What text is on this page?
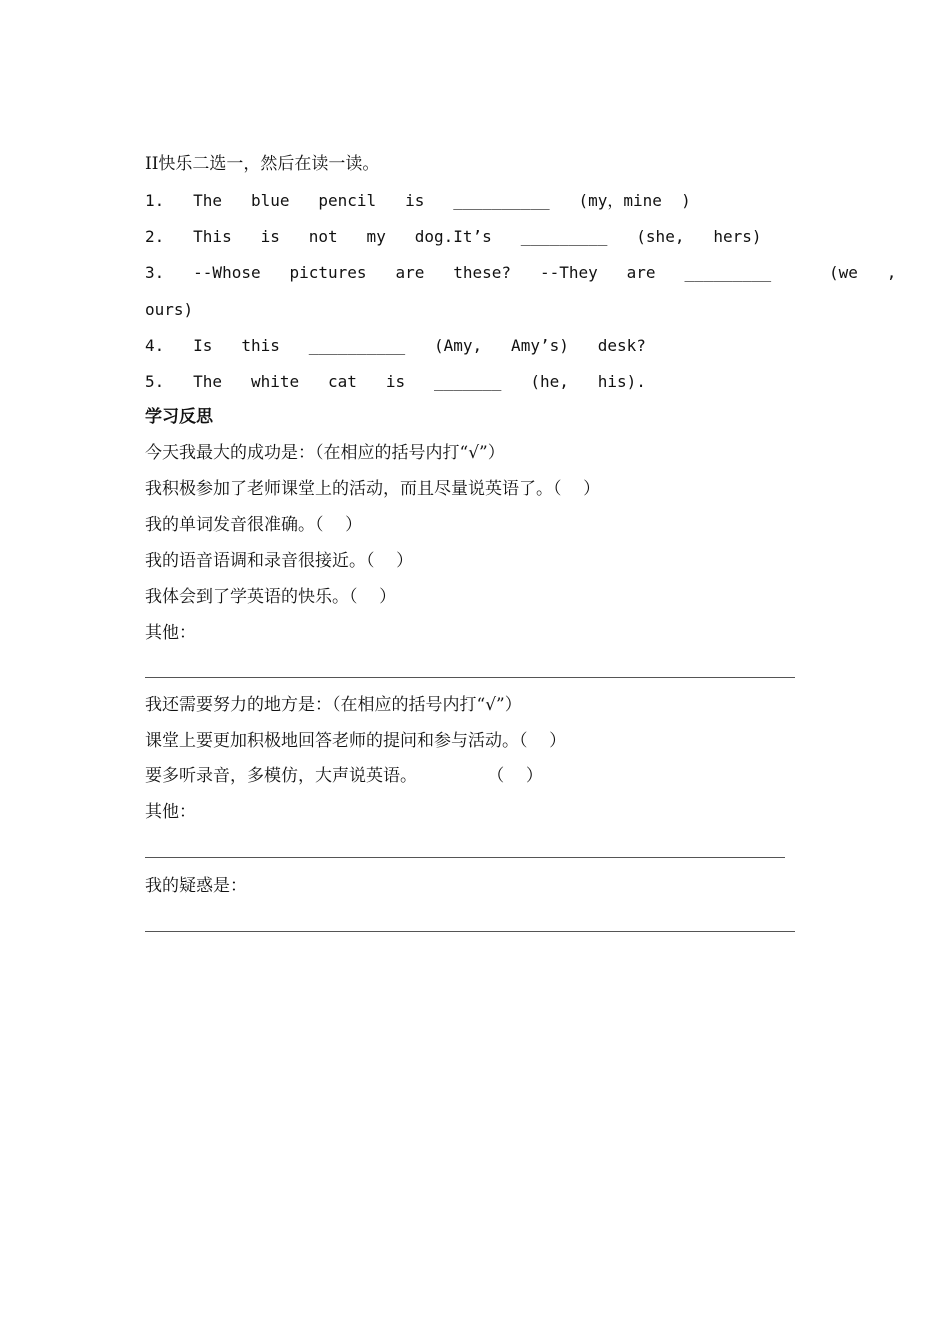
II快乐二选一，然后在读一读。
1.   The   blue   pencil   is   __________   (my，mine  )
2.   This   is   not   my   dog.It’s   _________   (she,   hers)
3.   --Whose   pictures   are   these?   --They   are   _________      (we   ,
ours)
4.   Is   this   __________   (Amy,   Amy’s)   desk?
5.   The   white   cat   is   _______   (he,   his).
学习反思
今天我最大的成功是：（在相应的括号内打“√”）
我积极参加了老师课堂上的活动，而且尽量说英语了。（    ）
我的单词发音很准确。（    ）
我的语音语调和录音很接近。（    ）
我体会到了学英语的快乐。（    ）
其他：
我还需要努力的地方是：（在相应的括号内打“√”）
课堂上要更加积极地回答老师的提问和参与活动。（    ）
要多听录音，多模仿，大声说英语。             （    ）
其他：
我的疑惑是：
